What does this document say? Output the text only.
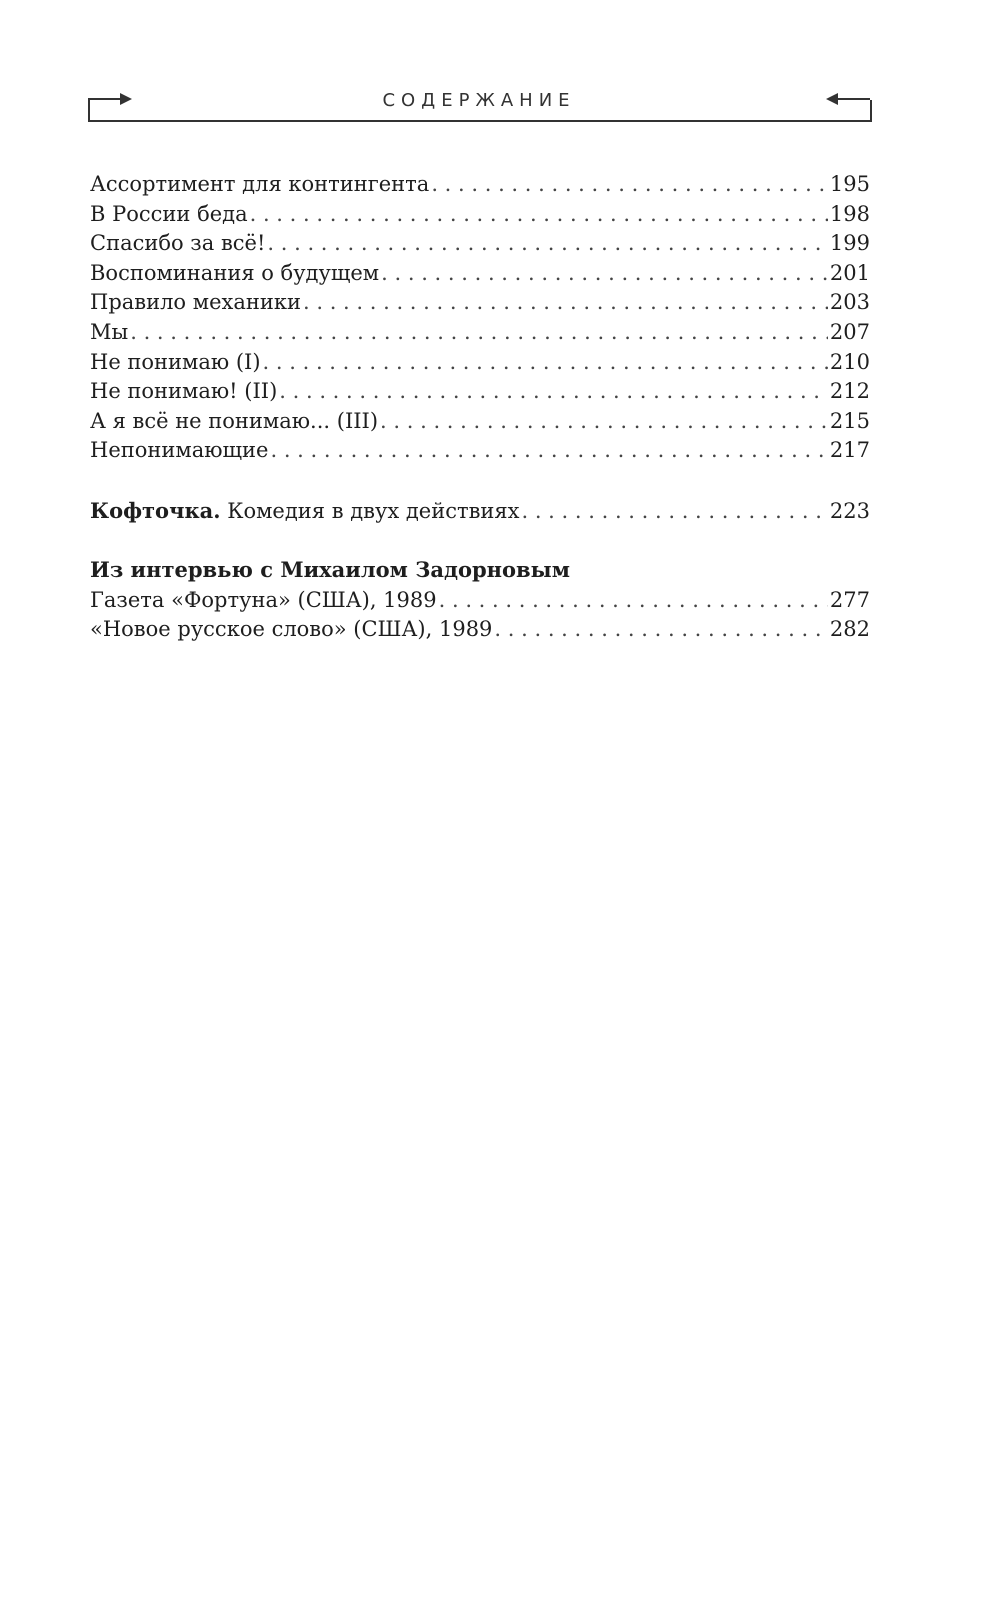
СОДЕРЖАНИЕ
Ассортимент для контингента . . .	195
В России беда . . .	198
Спасибо за всё! . . .	199
Воспоминания о будущем . . .	201
Правило механики . . .	203
Мы . . .	207
Не понимаю (I) . . .	210
Не понимаю! (II) . . .	212
А я всё не понимаю... (III) . . .	215
Непонимающие . . .	217
Кофточка. Комедия в двух действиях . . .	223
Из интервью с Михаилом Задорновым
Газета «Фортуна» (США), 1989 . . .	277
«Новое русское слово» (США), 1989 . . .	282
